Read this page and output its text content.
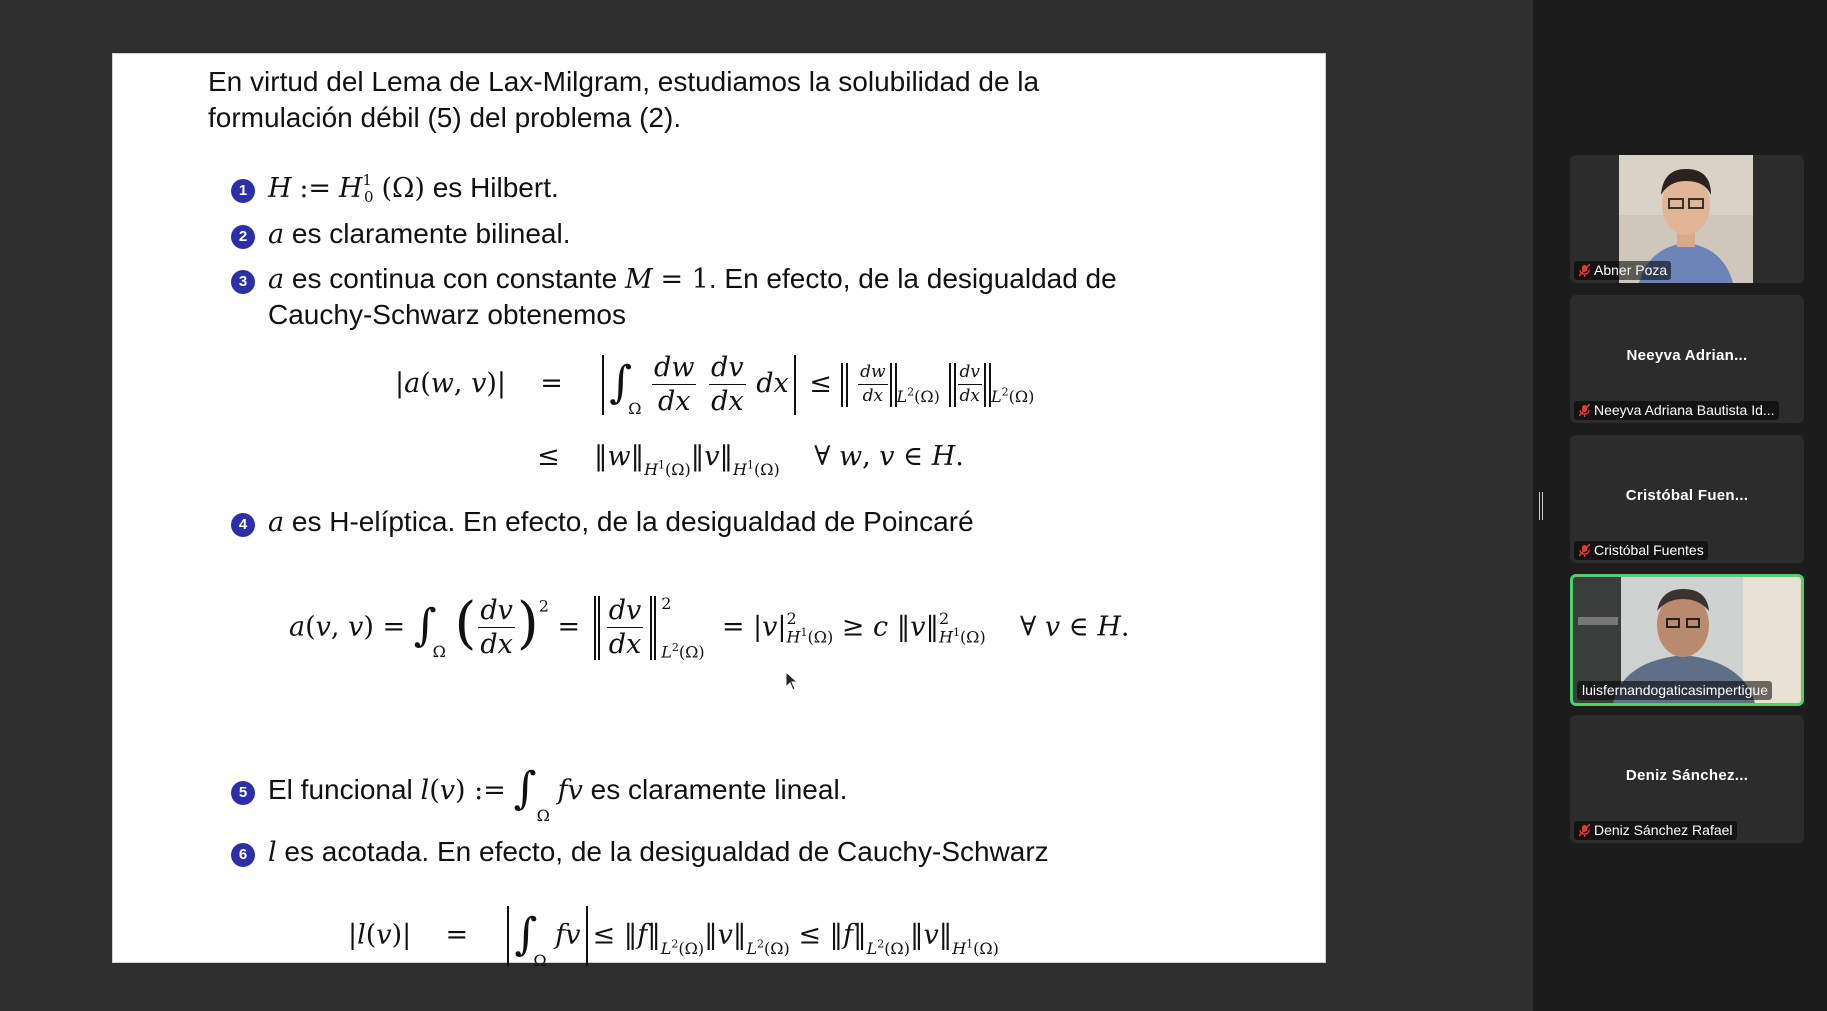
En virtud del Lema de Lax-Milgram, estudiamos la solubilidad de la
formulación débil (5) del problema (2).
1 H := H10 (Ω) es Hilbert.
2 a es claramente bilineal.
3 a es continua con constante M = 1. En efecto, de la desigualdad de
Cauchy-Schwarz obtenemos
|a(w, v)|    =    $\int_\Omega \frac{dw}{dx}$
$\frac{dv}{dx}$ dx ≤ $\frac{dw}{dx} _{L^2(\Omega)} \frac{dv}{dx} _{L^2(\Omega)}$
≤    $‖w‖_{H^1(\Omega)}‖v‖_{H^1(\Omega)}$    ∀ w, v ∈ H.
4 a es H-elíptica. En efecto, de la desigualdad de Poincaré
a(v, $v) = \int_\Omega$ ( $\frac{dv}{dx} )^2 = \frac{dv}{dx} 2$
$L^2(\Omega)$
= |v| 2
$H^1(\Omega) \ge c$ ‖v‖ 2
$H^1(\Omega)$ ∀ v ∈ H.
5 El funcional l(v) := $\int_\Omega$ fv es claramente lineal.
6 l es acotada. En efecto, de la desigualdad de Cauchy-Schwarz
|l(v)|    =    $\int_\Omega$ fv ≤ $‖f‖_{L^2(\Omega)}‖v‖_{L^2(\Omega)}$ ≤ $‖f‖_{L^2(\Omega)}‖v‖_{H^1(\Omega)}$
Abner Poza
Neeyva Adrian...
Neeyva Adriana Bautista Id...
Cristóbal Fuen...
Cristóbal Fuentes
luisfernandogaticasimpertigue
Deniz Sánchez...
Deniz Sánchez Rafael
